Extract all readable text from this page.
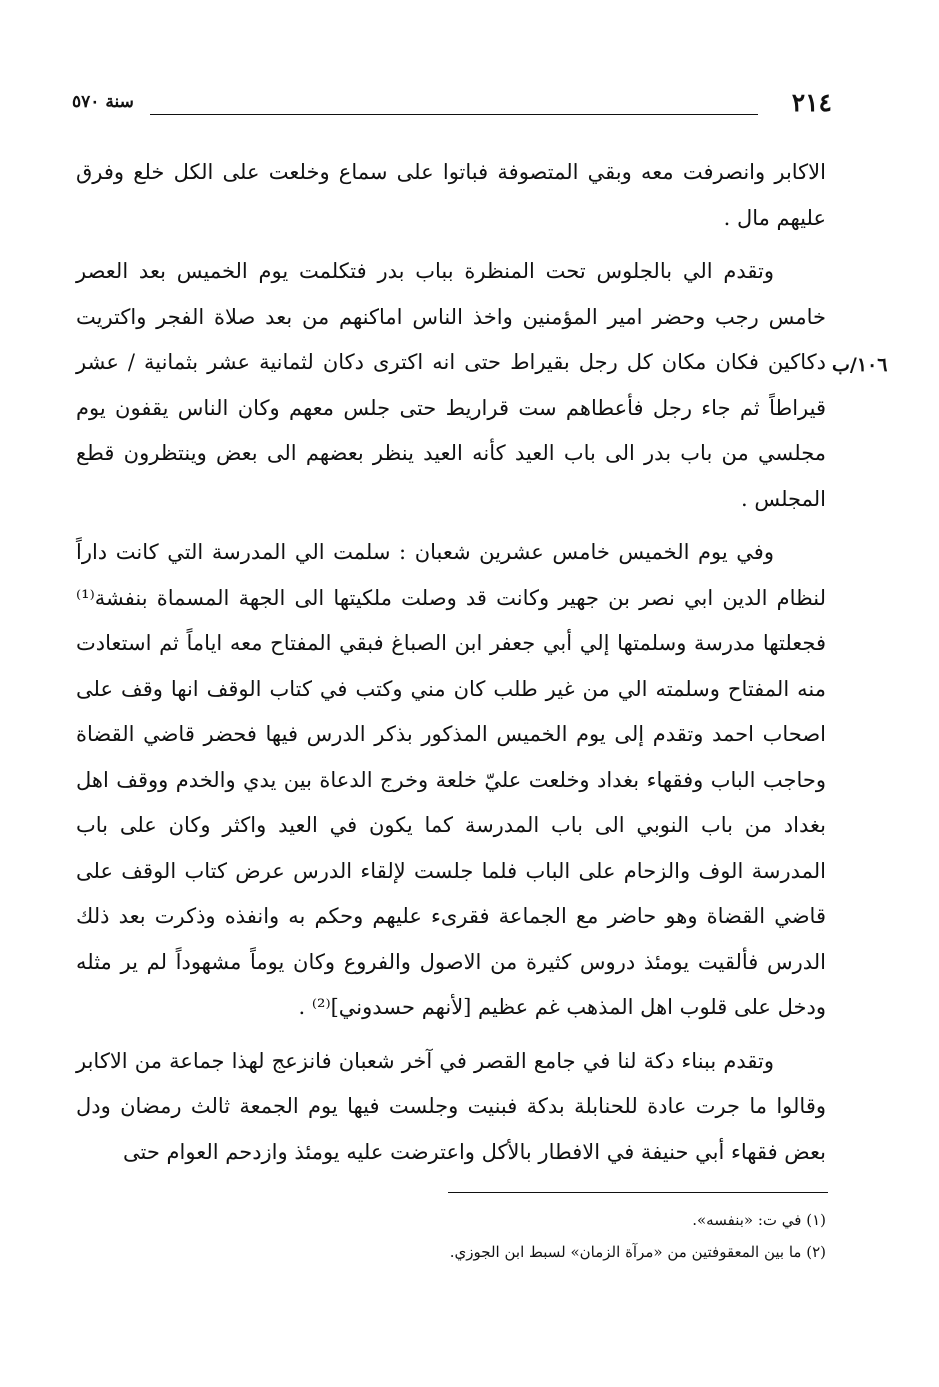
٢١٤
سنة ٥٧٠
١٠٦/ب

الاكابر وانصرفت معه وبقي المتصوفة فباتوا على سماع وخلعت على الكل خلع وفرق عليهم مال .

وتقدم الي بالجلوس تحت المنظرة بباب بدر فتكلمت يوم الخميس بعد العصر خامس رجب وحضر امير المؤمنين واخذ الناس اماكنهم من بعد صلاة الفجر واكتريت دكاكين فكان مكان كل رجل بقيراط حتى انه اكترى دكان لثمانية عشر بثمانية / عشر قيراطاً ثم جاء رجل فأعطاهم ست قراريط حتى جلس معهم وكان الناس يقفون يوم مجلسي من باب بدر الى باب العيد كأنه العيد ينظر بعضهم الى بعض وينتظرون قطع المجلس .

وفي يوم الخميس خامس عشرين شعبان : سلمت الي المدرسة التي كانت داراً لنظام الدين ابي نصر بن جهير وكانت قد وصلت ملكيتها الى الجهة المسماة بنفشة⁽¹⁾ فجعلتها مدرسة وسلمتها إلي أبي جعفر ابن الصباغ فبقي المفتاح معه اياماً ثم استعادت منه المفتاح وسلمته الي من غير طلب كان مني وكتب في كتاب الوقف انها وقف على اصحاب احمد وتقدم إلى يوم الخميس المذكور بذكر الدرس فيها فحضر قاضي القضاة وحاجب الباب وفقهاء بغداد وخلعت عليّ خلعة وخرج الدعاة بين يدي والخدم ووقف اهل بغداد من باب النوبي الى باب المدرسة كما يكون في العيد واكثر وكان على باب المدرسة الوف والزحام على الباب فلما جلست لإلقاء الدرس عرض كتاب الوقف على قاضي القضاة وهو حاضر مع الجماعة فقرىء عليهم وحكم به وانفذه وذكرت بعد ذلك الدرس فألقيت يومئذ دروس كثيرة من الاصول والفروع وكان يوماً مشهوداً لم ير مثله ودخل على قلوب اهل المذهب غم عظيم [لأنهم حسدوني]⁽²⁾ .

وتقدم ببناء دكة لنا في جامع القصر في آخر شعبان فانزعج لهذا جماعة من الاكابر وقالوا ما جرت عادة للحنابلة بدكة فبنيت وجلست فيها يوم الجمعة ثالث رمضان ودل بعض فقهاء أبي حنيفة في الافطار بالأكل واعترضت عليه يومئذ وازدحم العوام حتى

(١) في ت: «بنفسه».

(٢) ما بين المعقوفتين من «مرآة الزمان» لسبط ابن الجوزي.
